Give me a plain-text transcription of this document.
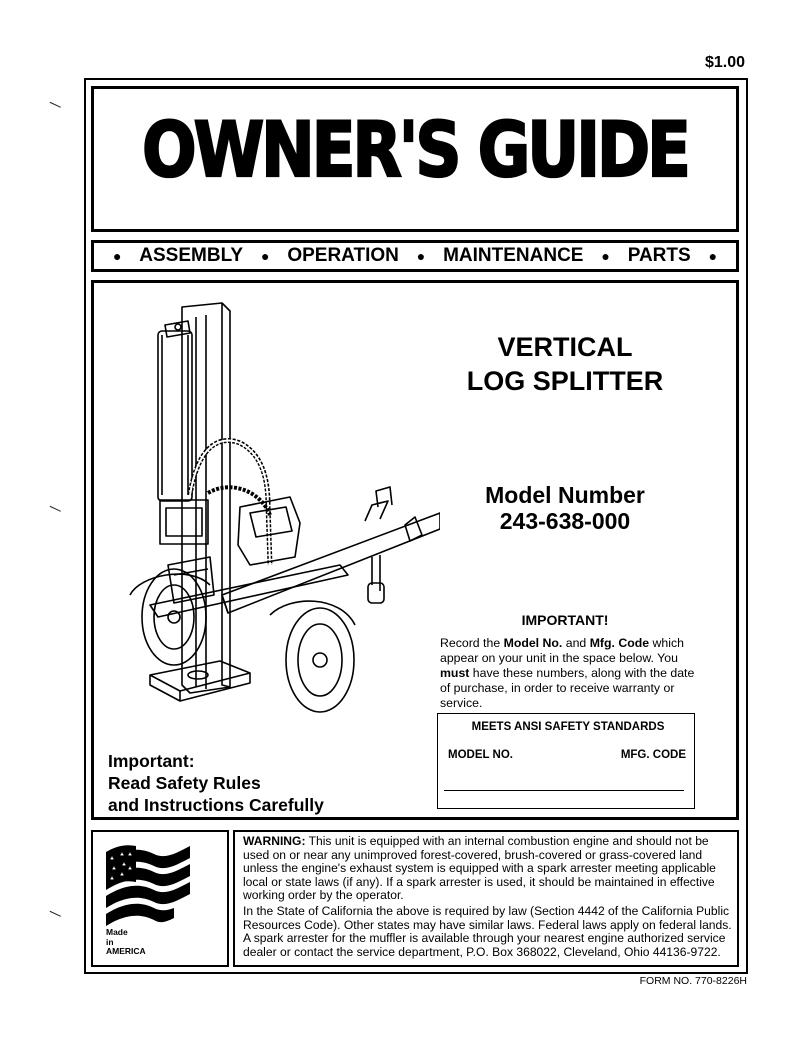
$1.00
OWNER'S GUIDE
● ASSEMBLY ● OPERATION ● MAINTENANCE ● PARTS ●
VERTICAL
LOG SPLITTER
Model Number
243-638-000
IMPORTANT!
Record the Model No. and Mfg. Code which appear on your unit in the space below. You must have these numbers, along with the date of purchase, in order to receive warranty or service.
MEETS ANSI SAFETY STANDARDS
MODEL NO.	MFG. CODE
Important:
Read Safety Rules
and Instructions Carefully
Made
in
AMERICA
WARNING: This unit is equipped with an internal combustion engine and should not be used on or near any unimproved forest-covered, brush-covered or grass-covered land unless the engine's exhaust system is equipped with a spark arrester meeting applicable local or state laws (if any). If a spark arrester is used, it should be maintained in effective working order by the operator.
In the State of California the above is required by law (Section 4442 of the California Public Resources Code). Other states may have similar laws. Federal laws apply on federal lands. A spark arrester for the muffler is available through your nearest engine authorized service dealer or contact the service department, P.O. Box 368022, Cleveland, Ohio 44136-9722.
FORM NO. 770-8226H
